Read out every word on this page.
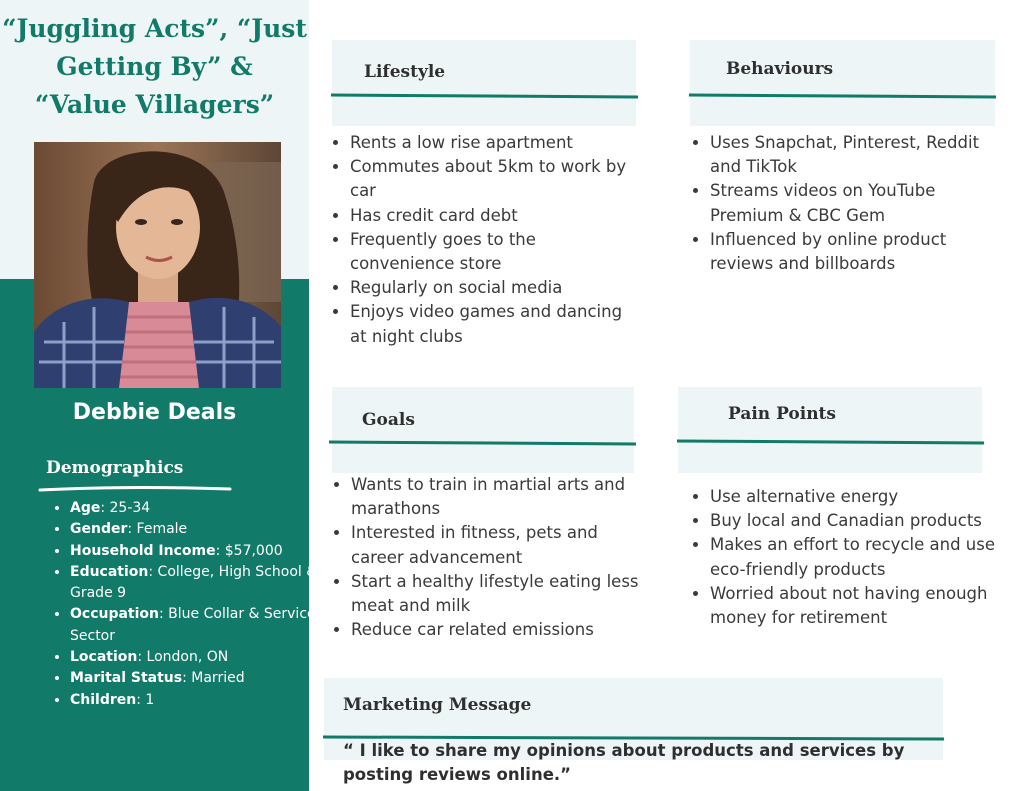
“Juggling Acts”, “Just
Getting By” &
“Value Villagers”
Debbie Deals
Demographics
• Age: 25-34
• Gender: Female
• Household Income: $57,000
• Education: College, High School & Grade 9
• Occupation: Blue Collar & Service Sector
• Location: London, ON
• Marital Status: Married
• Children: 1
Lifestyle
• Rents a low rise apartment
• Commutes about 5km to work by car
• Has credit card debt
• Frequently goes to the convenience store
• Regularly on social media
• Enjoys video games and dancing at night clubs
Behaviours
• Uses Snapchat, Pinterest, Reddit and TikTok
• Streams videos on YouTube Premium & CBC Gem
• Influenced by online product reviews and billboards
Goals
• Wants to train in martial arts and marathons
• Interested in fitness, pets and career advancement
• Start a healthy lifestyle eating less meat and milk
• Reduce car related emissions
Pain Points
• Use alternative energy
• Buy local and Canadian products
• Makes an effort to recycle and use eco-friendly products
• Worried about not having enough money for retirement
Marketing Message

“ I like to share my opinions about products and services by posting reviews online.”
